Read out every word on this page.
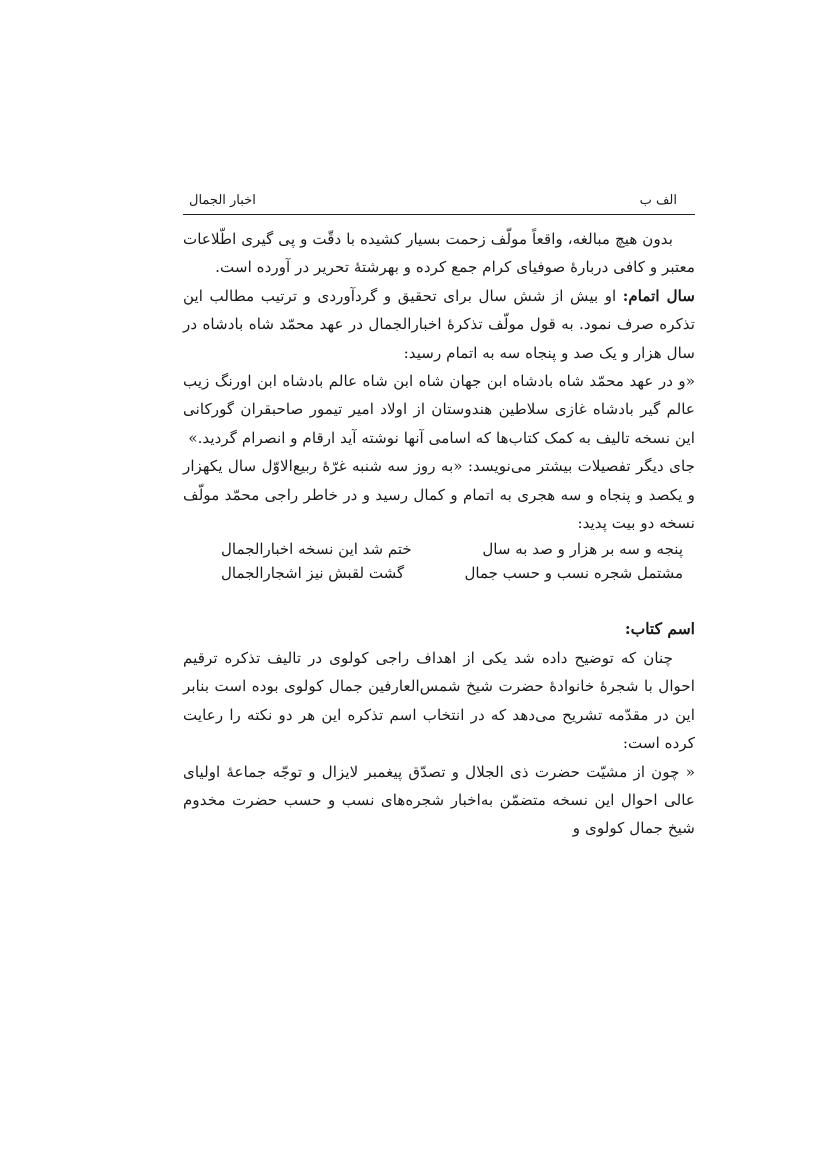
الف ب
اخبار الجمال

بدون هیچ مبالغه، واقعاً مولّف زحمت بسیار کشیده با دقّت و پی گیری اطّلاعات معتبر و کافی دربارهٔ صوفیای کرام جمع کرده و بهرشتهٔ تحریر در آورده است.

سال اتمام: او بیش از شش سال برای تحقیق و گردآوردی و ترتیب مطالب این تذکره صرف نمود. به قول مولّف تذکرهٔ اخبارالجمال در عهد محمّد شاه بادشاه در سال هزار و یک صد و پنجاه سه به اتمام رسید:

«و در عهد محمّد شاه بادشاه ابن جهان شاه ابن شاه عالم بادشاه ابن اورنگ زیب عالم گیر بادشاه غازی سلاطین هندوستان از اولاد امیر تیمور صاحبقران گورکانی این نسخه تالیف به کمک کتاب‌ها که اسامی آنها نوشته آید ارقام و انصرام گردید.»

جای دیگر تفصیلات بیشتر می‌نویسد: «به روز سه شنبه غرّهٔ ربیع‌الاوّل سال یکهزار و یکصد و پنجاه و سه هجری به اتمام و کمال رسید و در خاطر راجی محمّد مولّف نسخه دو بیت پدید:

پنجه و سه بر هزار و صد به سال
ختم شد این نسخه اخبارالجمال
مشتمل شجره نسب و حسب جمال
گشت لقبش نیز اشجارالجمال

اسم کتاب:

چنان که توضیح داده شد یکی از اهداف راجی کولوی در تالیف تذکره ترقیم احوال با شجرهٔ خانوادهٔ حضرت شیخ شمس‌العارفین جمال کولوی بوده است بنابر این در مقدّمه تشریح می‌دهد که در انتخاب اسم تذکره این هر دو نکته را رعایت کرده است:

« چون از مشیّت حضرت ذی الجلال و تصدّق پیغمبر لایزال و توجّه جماعهٔ اولیای عالی احوال این نسخه متضمّن به‌اخبار شجره‌های نسب و حسب حضرت مخدوم شیخ جمال کولوی و
